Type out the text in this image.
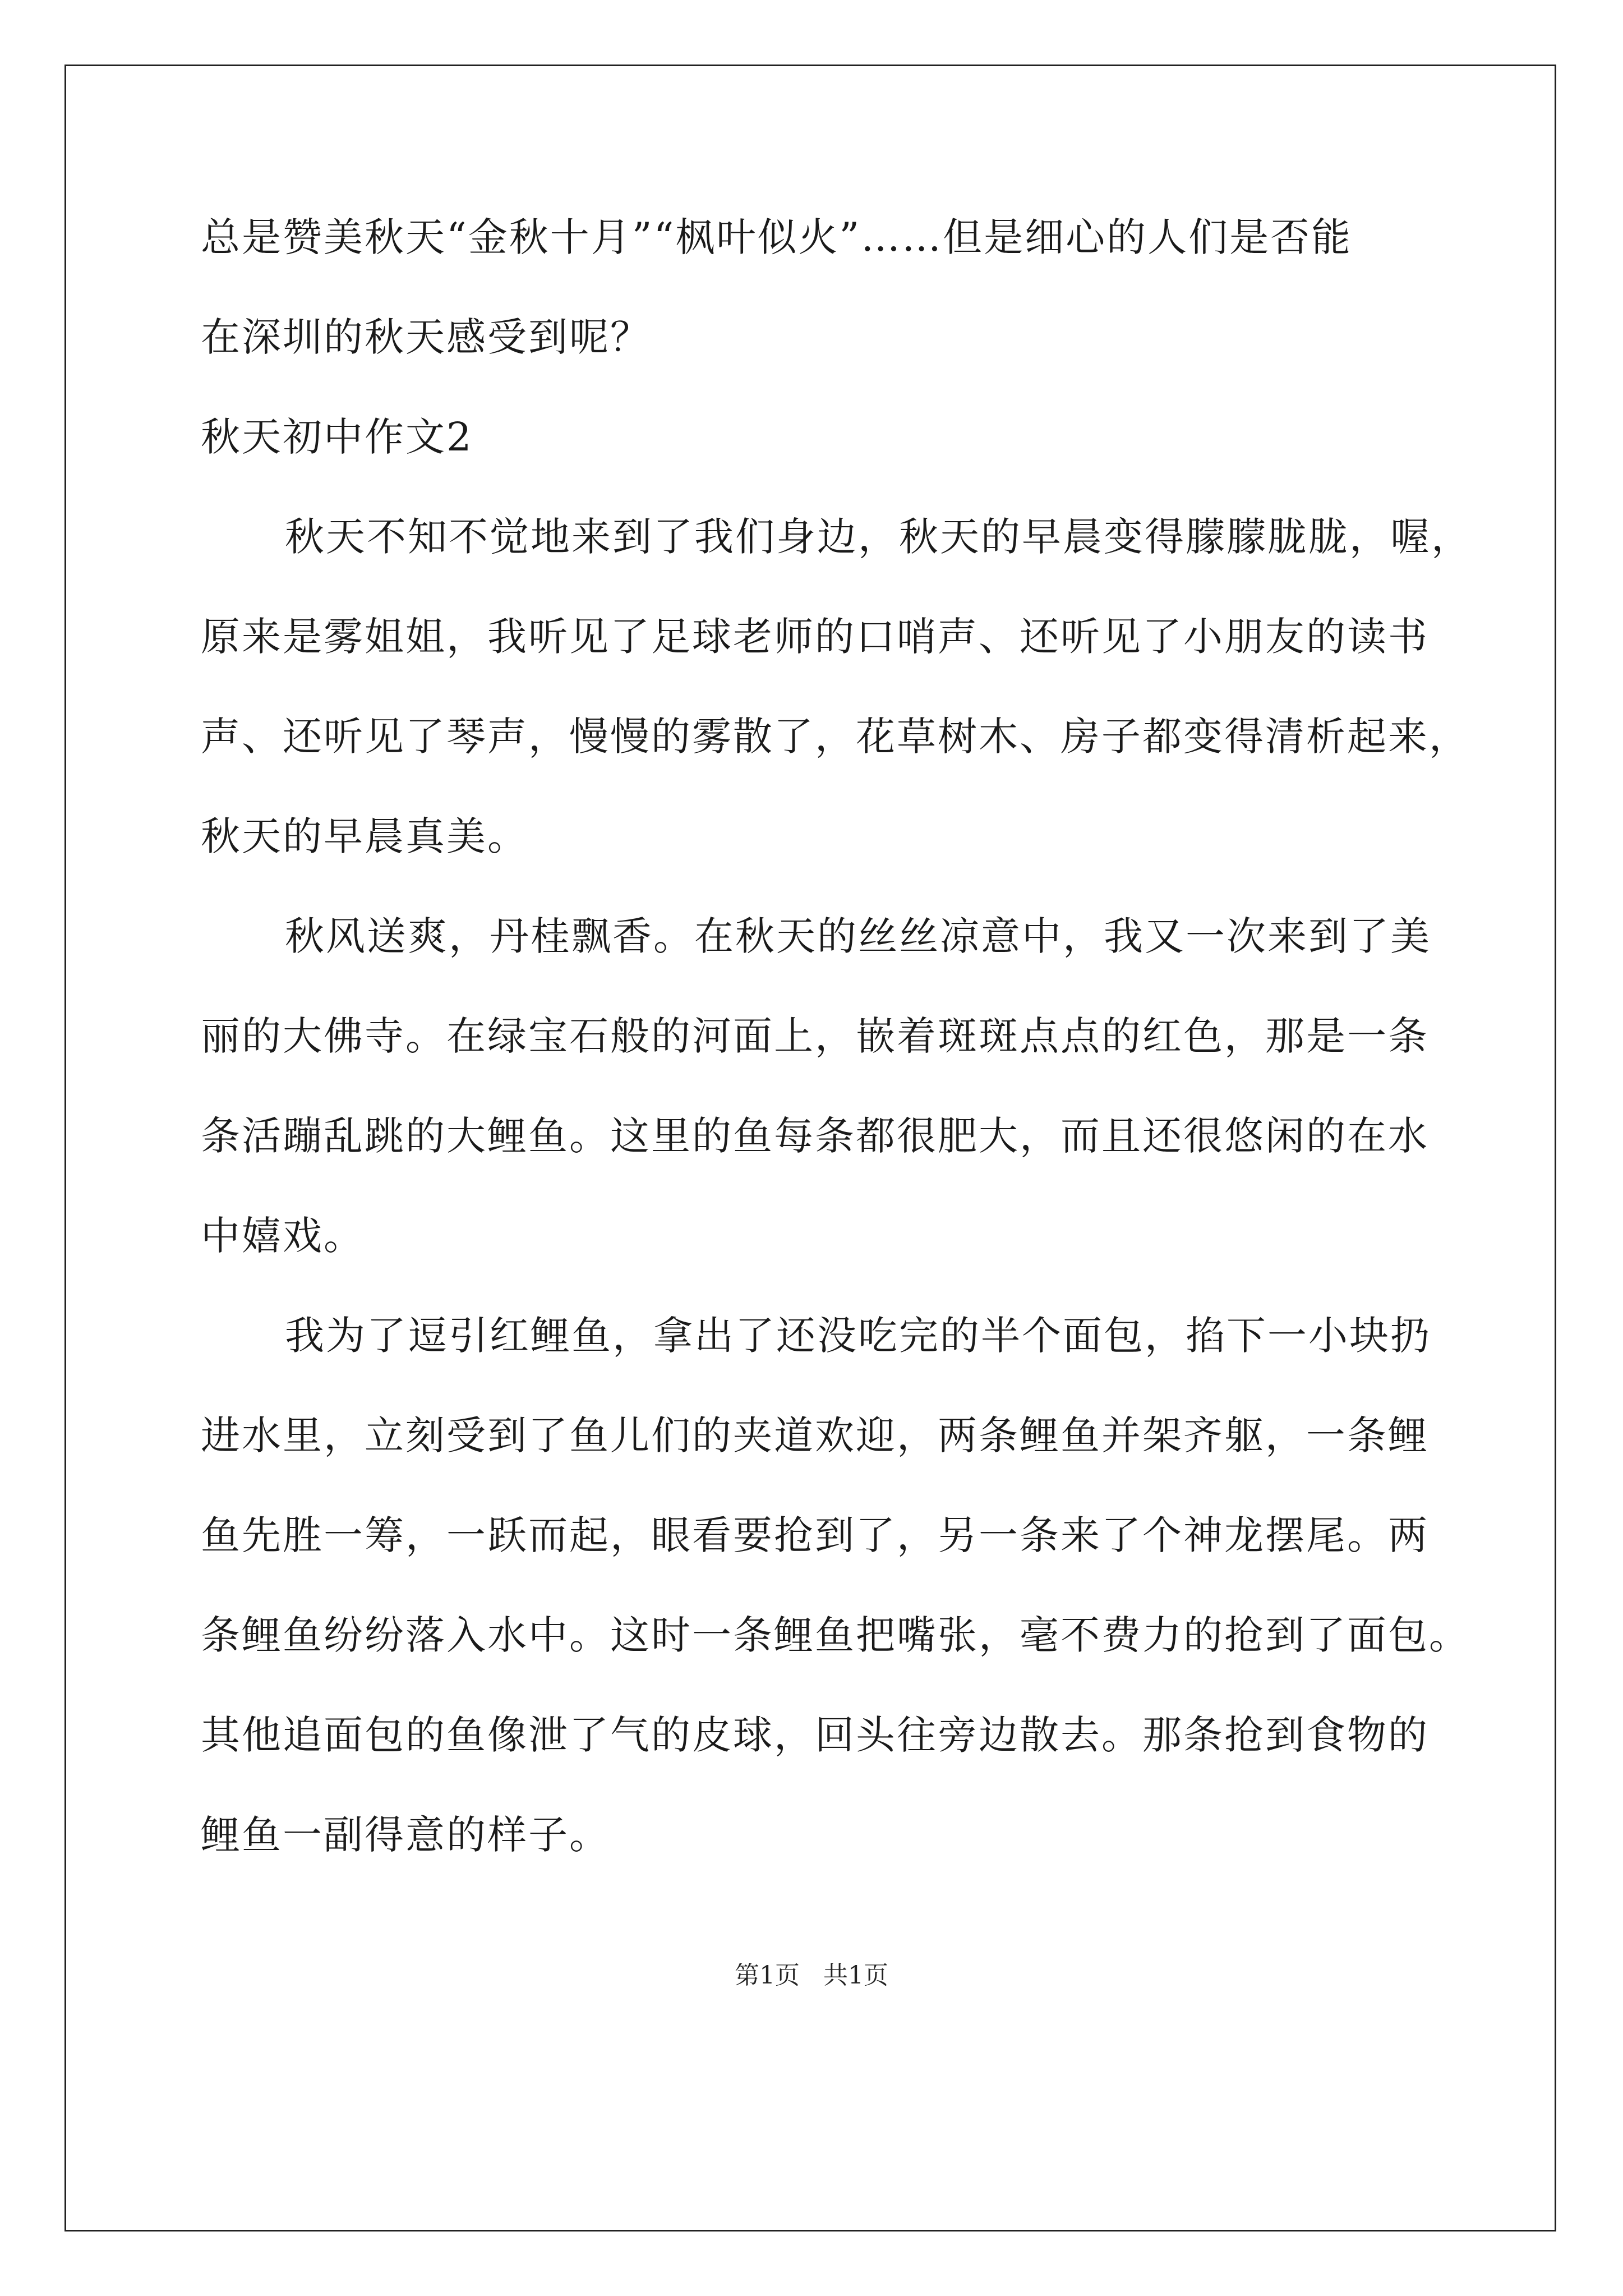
总是赞美秋天“金秋十月”“枫叶似火”……但是细心的人们是否能
在深圳的秋天感受到呢？
秋天初中作文2
秋天不知不觉地来到了我们身边，秋天的早晨变得朦朦胧胧，喔，
原来是雾姐姐，我听见了足球老师的口哨声、还听见了小朋友的读书
声、还听见了琴声，慢慢的雾散了，花草树木、房子都变得清析起来，
秋天的早晨真美。
秋风送爽，丹桂飘香。在秋天的丝丝凉意中，我又一次来到了美
丽的大佛寺。在绿宝石般的河面上，嵌着斑斑点点的红色，那是一条
条活蹦乱跳的大鲤鱼。这里的鱼每条都很肥大，而且还很悠闲的在水
中嬉戏。
我为了逗引红鲤鱼，拿出了还没吃完的半个面包，掐下一小块扔
进水里，立刻受到了鱼儿们的夹道欢迎，两条鲤鱼并架齐躯，一条鲤
鱼先胜一筹，一跃而起，眼看要抢到了，另一条来了个神龙摆尾。两
条鲤鱼纷纷落入水中。这时一条鲤鱼把嘴张，毫不费力的抢到了面包。
其他追面包的鱼像泄了气的皮球，回头往旁边散去。那条抢到食物的
鲤鱼一副得意的样子。
第1页   共1页
